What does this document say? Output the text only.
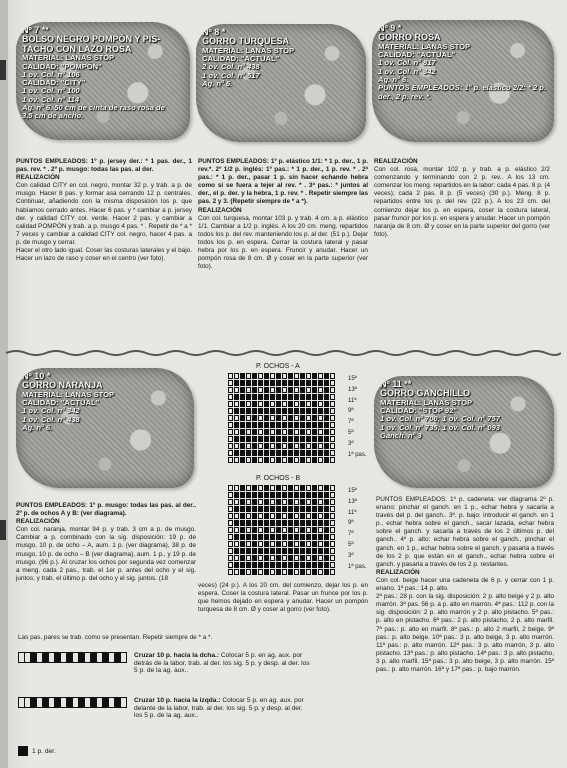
Nº 7 **
BOLSO NEGRO POMPÓN Y PIS-TACHO CON LAZO ROSA
MATERIAL: LANAS STOP
CALIDAD: "POMPÓN"
1 ov. Col. nº 106
CALIDAD: "CITY"
1 ov. Col. nº 100
1 ov. Col. nº 114
Ag. nº 6. 50 cm de cinta de raso rosa de 3,5 cm de ancho.
Nº 8 *
GORRO TURQUESA
MATERIAL: LANAS STOP
CALIDAD: "ACTUAL"
2 ov. Col. nº 438
1 ov. Col. nº 517
Ag. nº 6.
Nº 9 *
GORRO ROSA
MATERIAL: LANAS STOP
CALIDAD: "ACTUAL"
1 ov. Col. nº 817
1 ov. Col. nº 342
Ag. nº 6.
PUNTOS EMPLEADOS: 1º p. elástico 2/2: * 2 p. der., 2 p. rev. *.

PUNTOS EMPLEADOS: 1º p. jersey der.: * 1 pas. der., 1 pas. rev. * . 2º p. musgo: todas las pas. al der.

REALIZACIÓN

Con calidad CITY en col. negro, montar 32 p. y trab. a p. de musgo. Hacer 8 pas. y formar asa cerrando 12 p. centrales. Continuar, añadiendo con la misma disposición los p. que habíamos cerrado antes. Hacer 6 pas. y * cambiar a p. jersey der. y calidad CITY col. verde. Hacer 2 pas. y cambiar a calidad POMPÓN y trab. a p. musgo 4 pas. * . Repetir de * a * 7 veces y cambiar a calidad CITY col. negro, hacer 4 pas. a p. de musgo y cerrar.

Hacer el otro lado igual. Coser las costuras laterales y el bajo. Hacer un lazo de raso y coser en el centro (ver foto).

PUNTOS EMPLEADOS: 1º p. elástico 1/1: * 1 p. der., 1 p. rev.*. 2º 1/2 p. inglés: 1º pas.: * 1 p. der., 1 p. rev. * . 2ª pas.: * 1 p. der., pasar 1 p. sin hacer echando hebra como si se fuera a tejer al rev. * . 3ª pas.: * juntos al der., el p. der. y la hebra, 1 p. rev. * . Repetir siempre las pas. 2 y 3. (Repetir siempre de * a *).

REALIZACIÓN

Con col. turquesa, montar 103 p. y trab. 4 cm. a p. elástico 1/1. Cambiar a 1/2 p. inglés. A los 20 cm. meng. repartidos todos los p. del rev. manteniendo los p. al der. (51 p.). Dejar todos los p. en espera. Cerrar la costura lateral y pasar hebra por los p. en espera. Fruncir y anudar. Hacer un pompón rosa de 8 cm. Ø y coser en la parte superior (ver foto).

REALIZACIÓN

Con col. rosa, montar 102 p. y trab. a p. elástico 2/2 comenzando y terminando con 2 p. rev.. A los 13 cm. comenzar los meng. repartidos en la labor: cada 4 pas. 8 p. (4 veces); cada 2 pas. 8 p. (5 veces) (30 p.). Meng. 8 p. repartidos entre los p. del rev. (22 p.). A los 23 cm. del comienzo dejar los p. en espera, coser la costura lateral, pasar fruncir por los p. en espera y anudar. Hacer un pompón naranja de 8 cm. Ø y coser en la parte superior del gorro (ver foto).

Nº 10 *
GORRO NARANJA
MATERIAL: LANAS STOP
CALIDAD: "ACTUAL"
1 ov. Col. nº 342
1 ov. Col. nº 438
Ag. nº 6.
Nº 11 **
GORRO GANCHILLO
MATERIAL: LANAS STOP
CALIDAD: "STOP 92"
1 ov. Col. nº 700; 1 ov. Col. nº 757
1 ov. Col. nº 735; 1 ov. Col. nº 093
Ganch. nº 3
P. OCHOS - A
15ª
13ª
11ª
9ª
7ª
5ª
3ª
1ª pas.
P. OCHOS - B
15ª
13ª
11ª
9ª
7ª
5ª
3ª
1ª pas.

PUNTOS EMPLEADOS: 1º p. musgo: todas las pas. al der.. 2º p. de ochos A y B: (ver diagrama).

REALIZACIÓN

Con col. naranja, montar 94 p. y trab. 3 cm a p. de musgo. Cambiar a p. combinado con la sig. disposición: 19 p. de musgo, 10 p. de ocho – A, aum. 1 p. (ver diagrama), 38 p. de musgo, 10 p. de ocho – B (ver diagrama), aum. 1 p., y 19 p. de musgo. (96 p.). Al cruzar los ochos por segunda vez comenzar a meng. cada 2 pas., trab. el 1er p. antes del ocho y el sig. juntos; y trab. el último p. del ocho y el sig. juntos. (18

veces) (24 p.). A los 20 cm. del comienzo, dejar los p. en espera. Coser la costura lateral. Pasar un frunce por los p. que hemos dejado en espera y anudar. Hacer un pompón turquesa de 8 cm. Ø y coser al gorro (ver foto).

Las pas. pares se trab. como se presentan. Repetir siempre de * a *.

Cruzar 10 p. hacia la dcha.: Colocar 5 p. en ag. aux. por detrás de la labor, trab. al der. los sig. 5 p. y desp. al der. los 5 p. de la ag. aux..
Cruzar 10 p. hacia la izqda.: Colocar 5 p. en ag. aux. por delante de la labor, trab. al der. los sig. 5 p. y desp. al der. los 5 p. de la ag. aux..
1 p. der.

PUNTOS EMPLEADOS: 1º p. cadeneta: ver diagrama 2º p. enano: pinchar el ganch. en 1 p., echar hebra y sacarla a través del p. del ganch.. 3º. p. bajo: introducir el ganch. en 1 p., echar hebra sobre el ganch., sacar lazada, echar hebra sobre el ganch. y sacarla a través de los 2 últimos p. del ganch.. 4º p. alto: echar hebra sobre el ganch., pinchar el ganch. en 1 p., echar hebra sobre el ganch. y pasarla a través de los 2 p. que están en el ganch., echar hebra sobre el ganch. y pasarla a través de los 2 p. restantes.

REALIZACIÓN

Con col. beige hacer una cadeneta de 6 p. y cerrar con 1 p. enano. 1ª pas.: 14 p. alto.

2ª pas.: 28 p. con la sig. disposición: 2 p. alto beige y 2 p. alto marrón. 3ª pas. 56 p. a p. alto en marrón. 4ª pas.: 112 p. con la sig. disposición: 2 p. alto marrón y 2 p. alto pistacho. 5ª pas.: p. alto en pistacho. 6ª pas.: 2 p. alto pistacho, 2 p. alto marfil. 7ª pas.: p. alto en marfil. 8ª pas.: p. alto 2 marfil, 2 beige. 9ª pas.: p. alto beige. 10ª pas.: 3 p. alto beige, 3 p. alto marrón. 11ª pas.: p. alto marrón. 12ª pas.: 3 p. alto marrón, 3 p. alto pistacho. 13ª pas.: p. alto pistacho. 14ª pas.: 3 p. alto pistacho, 3 p. alto marfil. 15ª pas.: 3 p. alto beige, 3 p. alto marrón. 15ª pas.: p. alto marrón. 16ª y 17ª pas.: p. bajo marrón.
